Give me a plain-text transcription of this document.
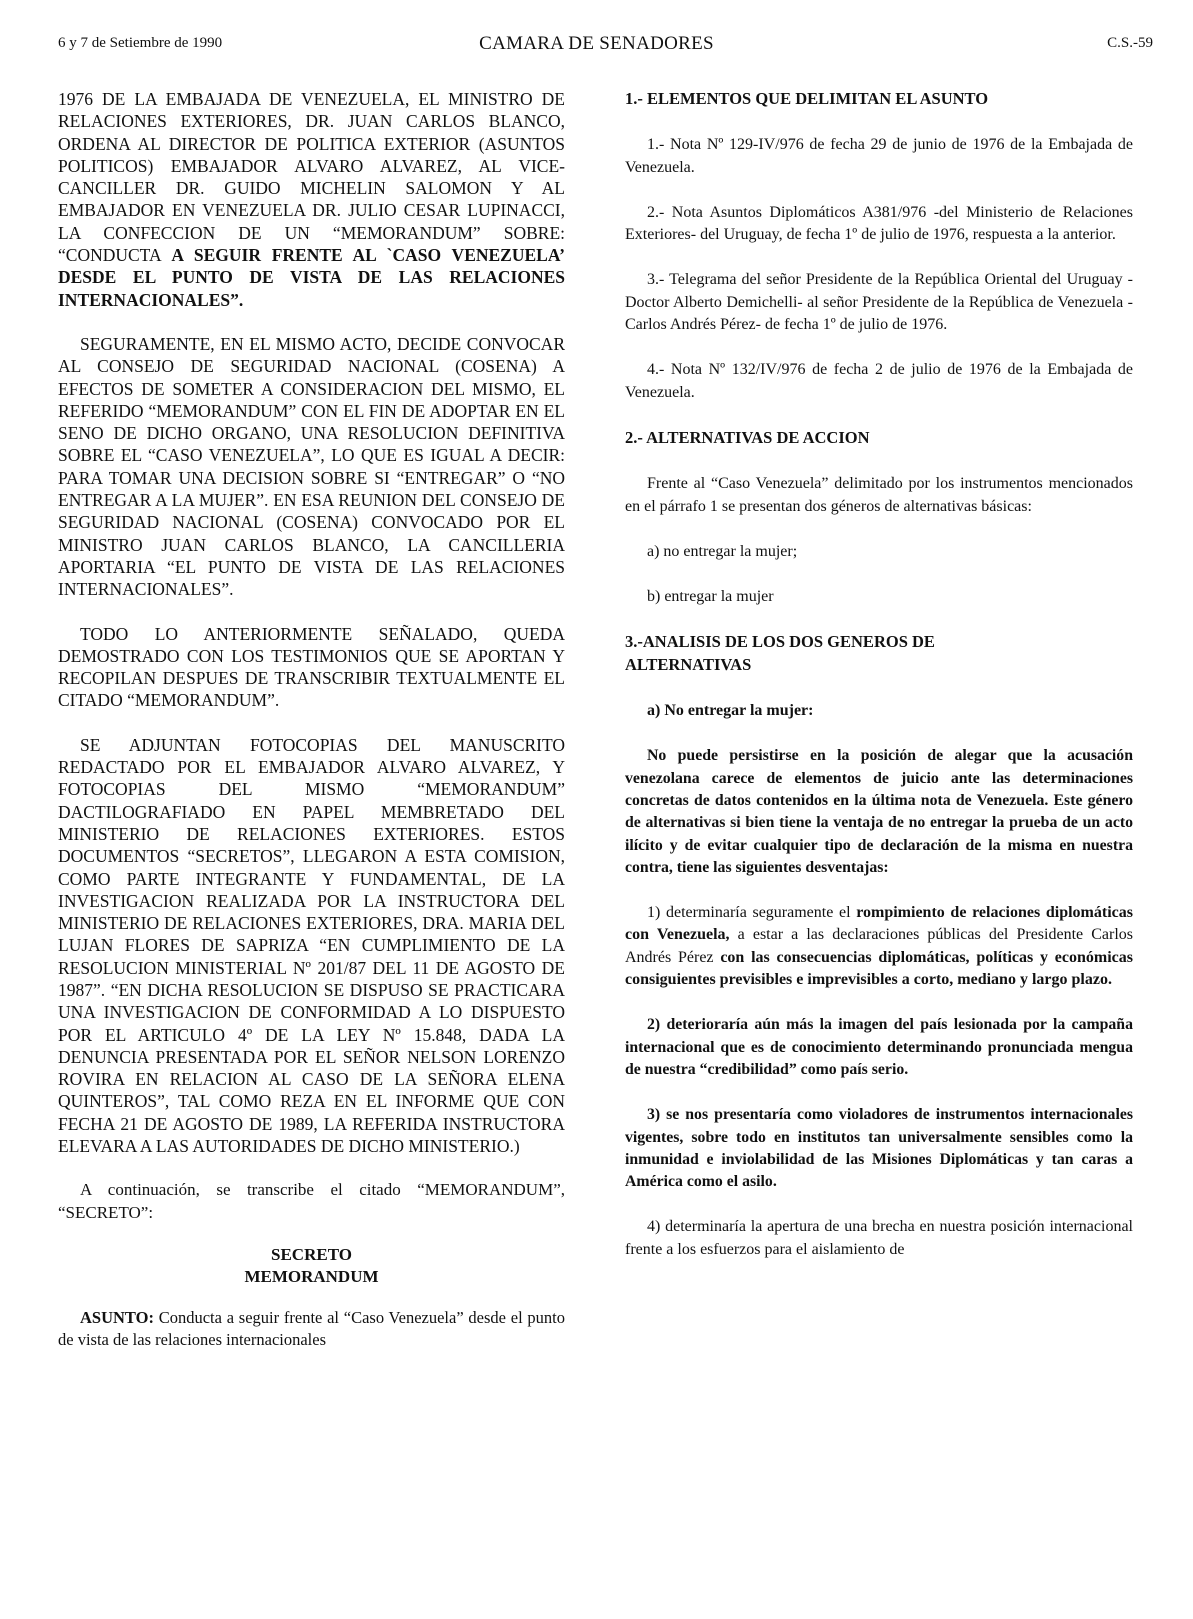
6 y 7 de Setiembre de 1990	CAMARA DE SENADORES	C.S.-59

1976 DE LA EMBAJADA DE VENEZUELA, EL MINISTRO DE RELACIONES EXTERIORES, DR. JUAN CARLOS BLANCO, ORDENA AL DIRECTOR DE POLITICA EXTERIOR (ASUNTOS POLITICOS) EMBAJADOR ALVARO ALVAREZ, AL VICE-CANCILLER DR. GUIDO MICHELIN SALOMON Y AL EMBAJADOR EN VENEZUELA DR. JULIO CESAR LUPINACCI, LA CONFECCION DE UN “MEMORANDUM” SOBRE: “CONDUCTA A SEGUIR FRENTE AL `CASO VENEZUELA’ DESDE EL PUNTO DE VISTA DE LAS RELACIONES INTERNACIONALES”.

SEGURAMENTE, EN EL MISMO ACTO, DECIDE CONVOCAR AL CONSEJO DE SEGURIDAD NACIONAL (COSENA) A EFECTOS DE SOMETER A CONSIDERACION DEL MISMO, EL REFERIDO “MEMORANDUM” CON EL FIN DE ADOPTAR EN EL SENO DE DICHO ORGANO, UNA RESOLUCION DEFINITIVA SOBRE EL “CASO VENEZUELA”, LO QUE ES IGUAL A DECIR: PARA TOMAR UNA DECISION SOBRE SI “ENTREGAR” O “NO ENTREGAR A LA MUJER”. EN ESA REUNION DEL CONSEJO DE SEGURIDAD NACIONAL (COSENA) CONVOCADO POR EL MINISTRO JUAN CARLOS BLANCO, LA CANCILLERIA APORTARIA “EL PUNTO DE VISTA DE LAS RELACIONES INTERNACIONALES”.

TODO LO ANTERIORMENTE SEÑALADO, QUEDA DEMOSTRADO CON LOS TESTIMONIOS QUE SE APORTAN Y RECOPILAN DESPUES DE TRANSCRIBIR TEXTUALMENTE EL CITADO “MEMORANDUM”.

SE ADJUNTAN FOTOCOPIAS DEL MANUSCRITO REDACTADO POR EL EMBAJADOR ALVARO ALVAREZ, Y FOTOCOPIAS DEL MISMO “MEMORANDUM” DACTILOGRAFIADO EN PAPEL MEMBRETADO DEL MINISTERIO DE RELACIONES EXTERIORES. ESTOS DOCUMENTOS “SECRETOS”, LLEGARON A ESTA COMISION, COMO PARTE INTEGRANTE Y FUNDAMENTAL, DE LA INVESTIGACION REALIZADA POR LA INSTRUCTORA DEL MINISTERIO DE RELACIONES EXTERIORES, DRA. MARIA DEL LUJAN FLORES DE SAPRIZA “EN CUMPLIMIENTO DE LA RESOLUCION MINISTERIAL Nº 201/87 DEL 11 DE AGOSTO DE 1987”. “EN DICHA RESOLUCION SE DISPUSO SE PRACTICARA UNA INVESTIGACION DE CONFORMIDAD A LO DISPUESTO POR EL ARTICULO 4º DE LA LEY Nº 15.848, DADA LA DENUNCIA PRESENTADA POR EL SEÑOR NELSON LORENZO ROVIRA EN RELACION AL CASO DE LA SEÑORA ELENA QUINTEROS”, TAL COMO REZA EN EL INFORME QUE CON FECHA 21 DE AGOSTO DE 1989, LA REFERIDA INSTRUCTORA ELEVARA A LAS AUTORIDADES DE DICHO MINISTERIO.)

A continuación, se transcribe el citado “MEMORANDUM”, “SECRETO”:

SECRETO

MEMORANDUM

ASUNTO: Conducta a seguir frente al “Caso Venezuela” desde el punto de vista de las relaciones internacionales

1.- ELEMENTOS QUE DELIMITAN EL ASUNTO

1.- Nota Nº 129-IV/976 de fecha 29 de junio de 1976 de la Embajada de Venezuela.

2.- Nota Asuntos Diplomáticos A381/976 -del Ministerio de Relaciones Exteriores- del Uruguay, de fecha 1º de julio de 1976, respuesta a la anterior.

3.- Telegrama del señor Presidente de la República Oriental del Uruguay -Doctor Alberto Demichelli- al señor Presidente de la República de Venezuela -Carlos Andrés Pérez- de fecha 1º de julio de 1976.

4.- Nota Nº 132/IV/976 de fecha 2 de julio de 1976 de la Embajada de Venezuela.

2.- ALTERNATIVAS DE ACCION

Frente al “Caso Venezuela” delimitado por los instrumentos mencionados en el párrafo 1 se presentan dos géneros de alternativas básicas:

a) no entregar la mujer;

b) entregar la mujer

3.-ANALISIS DE LOS DOS GENEROS DE ALTERNATIVAS

a) No entregar la mujer:

No puede persistirse en la posición de alegar que la acusación venezolana carece de elementos de juicio ante las determinaciones concretas de datos contenidos en la última nota de Venezuela. Este género de alternativas si bien tiene la ventaja de no entregar la prueba de un acto ilícito y de evitar cualquier tipo de declaración de la misma en nuestra contra, tiene las siguientes desventajas:

1) determinaría seguramente el rompimiento de relaciones diplomáticas con Venezuela, a estar a las declaraciones públicas del Presidente Carlos Andrés Pérez con las consecuencias diplomáticas, políticas y económicas consiguientes previsibles e imprevisibles a corto, mediano y largo plazo.

2) deterioraría aún más la imagen del país lesionada por la campaña internacional que es de conocimiento determinando pronunciada mengua de nuestra “credibilidad” como país serio.

3) se nos presentaría como violadores de instrumentos internacionales vigentes, sobre todo en institutos tan universalmente sensibles como la inmunidad e inviolabilidad de las Misiones Diplomáticas y tan caras a América como el asilo.

4) determinaría la apertura de una brecha en nuestra posición internacional frente a los esfuerzos para el aislamiento de
